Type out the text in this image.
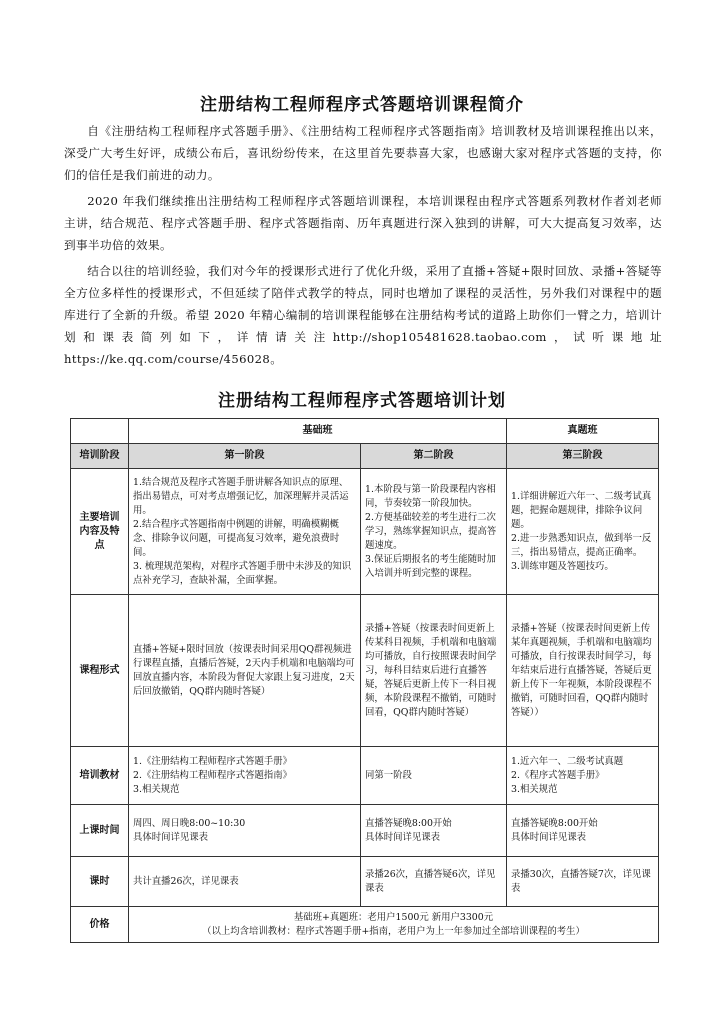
注册结构工程师程序式答题培训课程简介

自《注册结构工程师程序式答题手册》、《注册结构工程师程序式答题指南》培训教材及培训课程推出以来，深受广大考生好评，成绩公布后，喜讯纷纷传来，在这里首先要恭喜大家，也感谢大家对程序式答题的支持，你们的信任是我们前进的动力。

2020 年我们继续推出注册结构工程师程序式答题培训课程，本培训课程由程序式答题系列教材作者刘老师主讲，结合规范、程序式答题手册、程序式答题指南、历年真题进行深入独到的讲解，可大大提高复习效率，达到事半功倍的效果。

结合以往的培训经验，我们对今年的授课形式进行了优化升级，采用了直播+答疑+限时回放、录播+答疑等全方位多样性的授课形式，不但延续了陪伴式教学的特点，同时也增加了课程的灵活性，另外我们对课程中的题库进行了全新的升级。希望 2020 年精心编制的培训课程能够在注册结构考试的道路上助你们一臂之力，培训计划和课表简列如下，详情请关注http://shop105481628.taobao.com，试听课地址 https://ke.qq.com/course/456028。

注册结构工程师程序式答题培训计划
	基础班		真题班
培训阶段	第一阶段	第二阶段	第三阶段
主要培训内容及特点	1.结合规范及程序式答题手册讲解各知识点的原理、指出易错点，可对考点增强记忆，加深理解并灵活运用。
2.结合程序式答题指南中例题的讲解，明确模糊概念、排除争议问题，可提高复习效率，避免浪费时间。
3. 梳理规范架构，对程序式答题手册中未涉及的知识点补充学习，查缺补漏，全面掌握。	1.本阶段与第一阶段课程内容相同，节奏较第一阶段加快。
2.方便基础较差的考生进行二次学习，熟练掌握知识点，提高答题速度。
3.保证后期报名的考生能随时加入培训并听到完整的课程。	1.详细讲解近六年一、二级考试真题，把握命题规律，排除争议问题。
2.进一步熟悉知识点，做到举一反三，指出易错点，提高正确率。
3.训练审题及答题技巧。

课程形式	直播+答疑+限时回放（按课表时间采用QQ群视频进行课程直播，直播后答疑，2天内手机端和电脑端均可回放直播内容，本阶段为督促大家跟上复习进度，2天后回放撤销，QQ群内随时答疑）	录播+答疑（按课表时间更新上传某科目视频，手机端和电脑端均可播放，自行按照课表时间学习，每科目结束后进行直播答疑，答疑后更新上传下一科目视频，本阶段课程不撤销，可随时回看，QQ群内随时答疑）	录播+答疑（按课表时间更新上传某年真题视频，手机端和电脑端均可播放，自行按课表时间学习，每年结束后进行直播答疑，答疑后更新上传下一年视频，本阶段课程不撤销，可随时回看，QQ群内随时答疑））
培训教材	1.《注册结构工程师程序式答题手册》
2.《注册结构工程师程序式答题指南》
3.相关规范	同第一阶段	1.近六年一、二级考试真题
2.《程序式答题手册》
3.相关规范

上课时间	周四、周日晚8:00~10:30
具体时间详见课表	直播答疑晚8:00开始
具体时间详见课表	直播答疑晚8:00开始
具体时间详见课表

课时	共计直播26次，详见课表	录播26次，直播答疑6次，详见课表	录播30次，直播答疑7次，详见课表
价格	基础班+真题班：老用户1500元 新用户3300元
（以上均含培训教材：程序式答题手册+指南，老用户为上一年参加过全部培训课程的考生）		
